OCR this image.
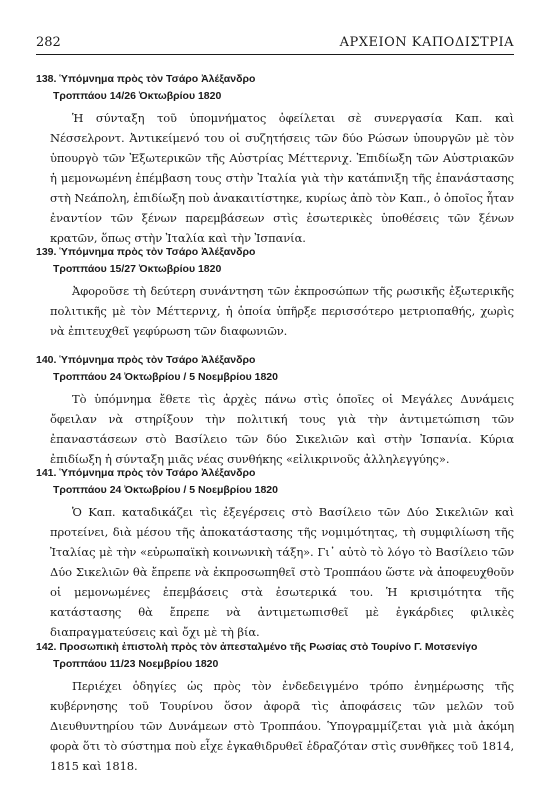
282	ΑΡΧΕΙΟΝ ΚΑΠΟΔΙΣΤΡΙΑ
138. Ὑπόμνημα πρὸς τὸν Τσάρο Ἀλέξανδρο
Τροππάου 14/26 Ὀκτωβρίου 1820

Ἡ σύνταξη τοῦ ὑπομνήματος ὀφείλεται σὲ συνεργασία Καπ. καὶ Νέσσελροντ. Ἀντικείμενό του οἱ συζητήσεις τῶν δύο Ρώσων ὑπουργῶν μὲ τὸν ὑπουργὸ τῶν Ἐξωτερικῶν τῆς Αὐστρίας Μέττερνιχ. Ἐπιδίωξη τῶν Αὐστριακῶν ἡ μεμονωμένη ἐπέμβαση τους στὴν Ἰταλία γιὰ τὴν κατάπνιξη τῆς ἐπανάστασης στὴ Νεάπολη, ἐπιδίωξη ποὺ ἀνακαιτίστηκε, κυρίως ἀπὸ τὸν Καπ., ὁ ὁποῖος ἦταν ἐναντίον τῶν ξένων παρεμβάσεων στὶς ἐσωτερικὲς ὑποθέσεις τῶν ξένων κρατῶν, ὅπως στὴν Ἰταλία καὶ τὴν Ἰσπανία.

139. Ὑπόμνημα πρὸς τὸν Τσάρο Ἀλέξανδρο
Τροππάου 15/27 Ὀκτωβρίου 1820

Ἀφοροῦσε τὴ δεύτερη συνάντηση τῶν ἐκπροσώπων τῆς ρωσικῆς ἐξωτερικῆς πολιτικῆς μὲ τὸν Μέττερνιχ, ἡ ὁποία ὑπῆρξε περισσότερο μετριοπαθής, χωρὶς νὰ ἐπιτευχθεῖ γεφύρωση τῶν διαφωνιῶν.

140. Ὑπόμνημα πρὸς τὸν Τσάρο Ἀλέξανδρο
Τροππάου 24 Ὀκτωβρίου / 5 Νοεμβρίου 1820

Τὸ ὑπόμνημα ἔθετε τὶς ἀρχὲς πάνω στὶς ὁποῖες οἱ Μεγάλες Δυνάμεις ὄφειλαν νὰ στηρίξουν τὴν πολιτική τους γιὰ τὴν ἀντιμετώπιση τῶν ἐπαναστάσεων στὸ Βασίλειο τῶν δύο Σικελιῶν καὶ στὴν Ἰσπανία. Κύρια ἐπιδίωξη ἡ σύνταξη μιᾶς νέας συνθήκης «εἰλικρινοῦς ἀλληλεγγύης».

141. Ὑπόμνημα πρὸς τὸν Τσάρο Ἀλέξανδρο
Τροππάου 24 Ὀκτωβρίου / 5 Νοεμβρίου 1820

Ὁ Καπ. καταδικάζει τὶς ἐξεγέρσεις στὸ Βασίλειο τῶν Δύο Σικελιῶν καὶ προτείνει, διὰ μέσου τῆς ἀποκατάστασης τῆς νομιμότητας, τὴ συμφιλίωση τῆς Ἰταλίας μὲ τὴν «εὐρωπαϊκὴ κοινωνικὴ τάξη». Γι᾽ αὐτὸ τὸ λόγο τὸ Βασίλειο τῶν Δύο Σικελιῶν θὰ ἔπρεπε νὰ ἐκπροσωπηθεῖ στὸ Τροππάου ὥστε νὰ ἀποφευχθοῦν οἱ μεμονωμένες ἐπεμβάσεις στὰ ἐσωτερικά του. Ἡ κρισιμότητα τῆς κατάστασης θὰ ἔπρεπε νὰ ἀντιμετωπισθεῖ μὲ ἐγκάρδιες φιλικὲς διαπραγματεύσεις καὶ ὄχι μὲ τὴ βία.

142. Προσωπικὴ ἐπιστολὴ πρὸς τὸν ἀπεσταλμένο τῆς Ρωσίας στὸ Τουρίνο Γ. Μοτσενίγο
Τροππάου 11/23 Νοεμβρίου 1820

Περιέχει ὁδηγίες ὡς πρὸς τὸν ἐνδεδειγμένο τρόπο ἐνημέρωσης τῆς κυβέρνησης τοῦ Τουρίνου ὅσον ἀφορᾶ τὶς ἀποφάσεις τῶν μελῶν τοῦ Διευθυντηρίου τῶν Δυνάμεων στὸ Τροππάου. Ὑπογραμμίζεται γιὰ μιὰ ἀκόμη φορὰ ὅτι τὸ σύστημα ποὺ εἶχε ἐγκαθιδρυθεῖ ἑδραζόταν στὶς συνθῆκες τοῦ 1814, 1815 καὶ 1818.
